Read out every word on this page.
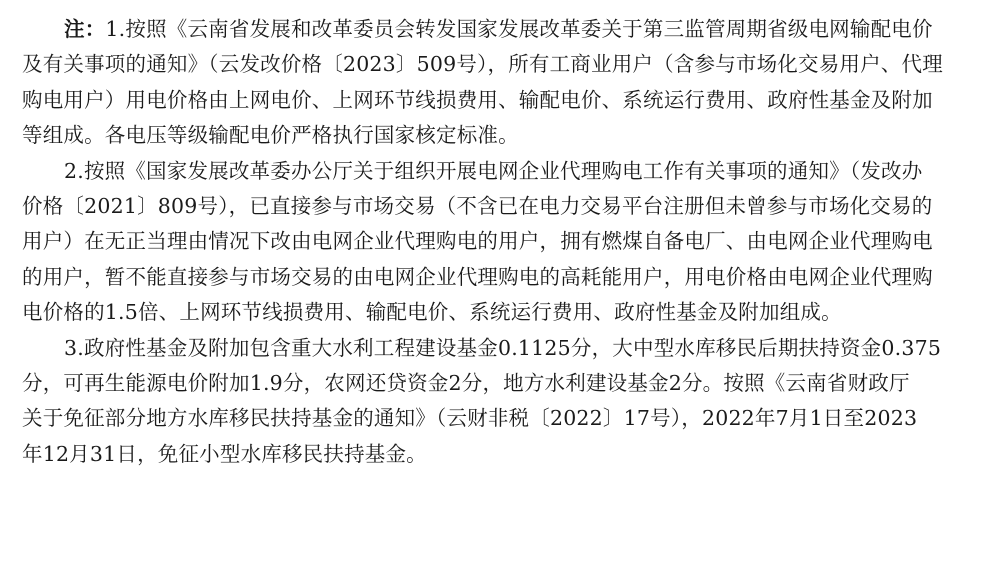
注：1.按照《云南省发展和改革委员会转发国家发展改革委关于第三监管周期省级电网输配电价
及有关事项的通知》（云发改价格〔2023〕509号），所有工商业用户（含参与市场化交易用户、代理
购电用户）用电价格由上网电价、上网环节线损费用、输配电价、系统运行费用、政府性基金及附加
等组成。各电压等级输配电价严格执行国家核定标准。

2.按照《国家发展改革委办公厅关于组织开展电网企业代理购电工作有关事项的通知》（发改办
价格〔2021〕809号），已直接参与市场交易（不含已在电力交易平台注册但未曾参与市场化交易的
用户）在无正当理由情况下改由电网企业代理购电的用户，拥有燃煤自备电厂、由电网企业代理购电
的用户，暂不能直接参与市场交易的由电网企业代理购电的高耗能用户，用电价格由电网企业代理购
电价格的1.5倍、上网环节线损费用、输配电价、系统运行费用、政府性基金及附加组成。

3.政府性基金及附加包含重大水利工程建设基金0.1125分，大中型水库移民后期扶持资金0.375
分，可再生能源电价附加1.9分，农网还贷资金2分，地方水利建设基金2分。按照《云南省财政厅
关于免征部分地方水库移民扶持基金的通知》（云财非税〔2022〕17号），2022年7月1日至2023
年12月31日，免征小型水库移民扶持基金。
